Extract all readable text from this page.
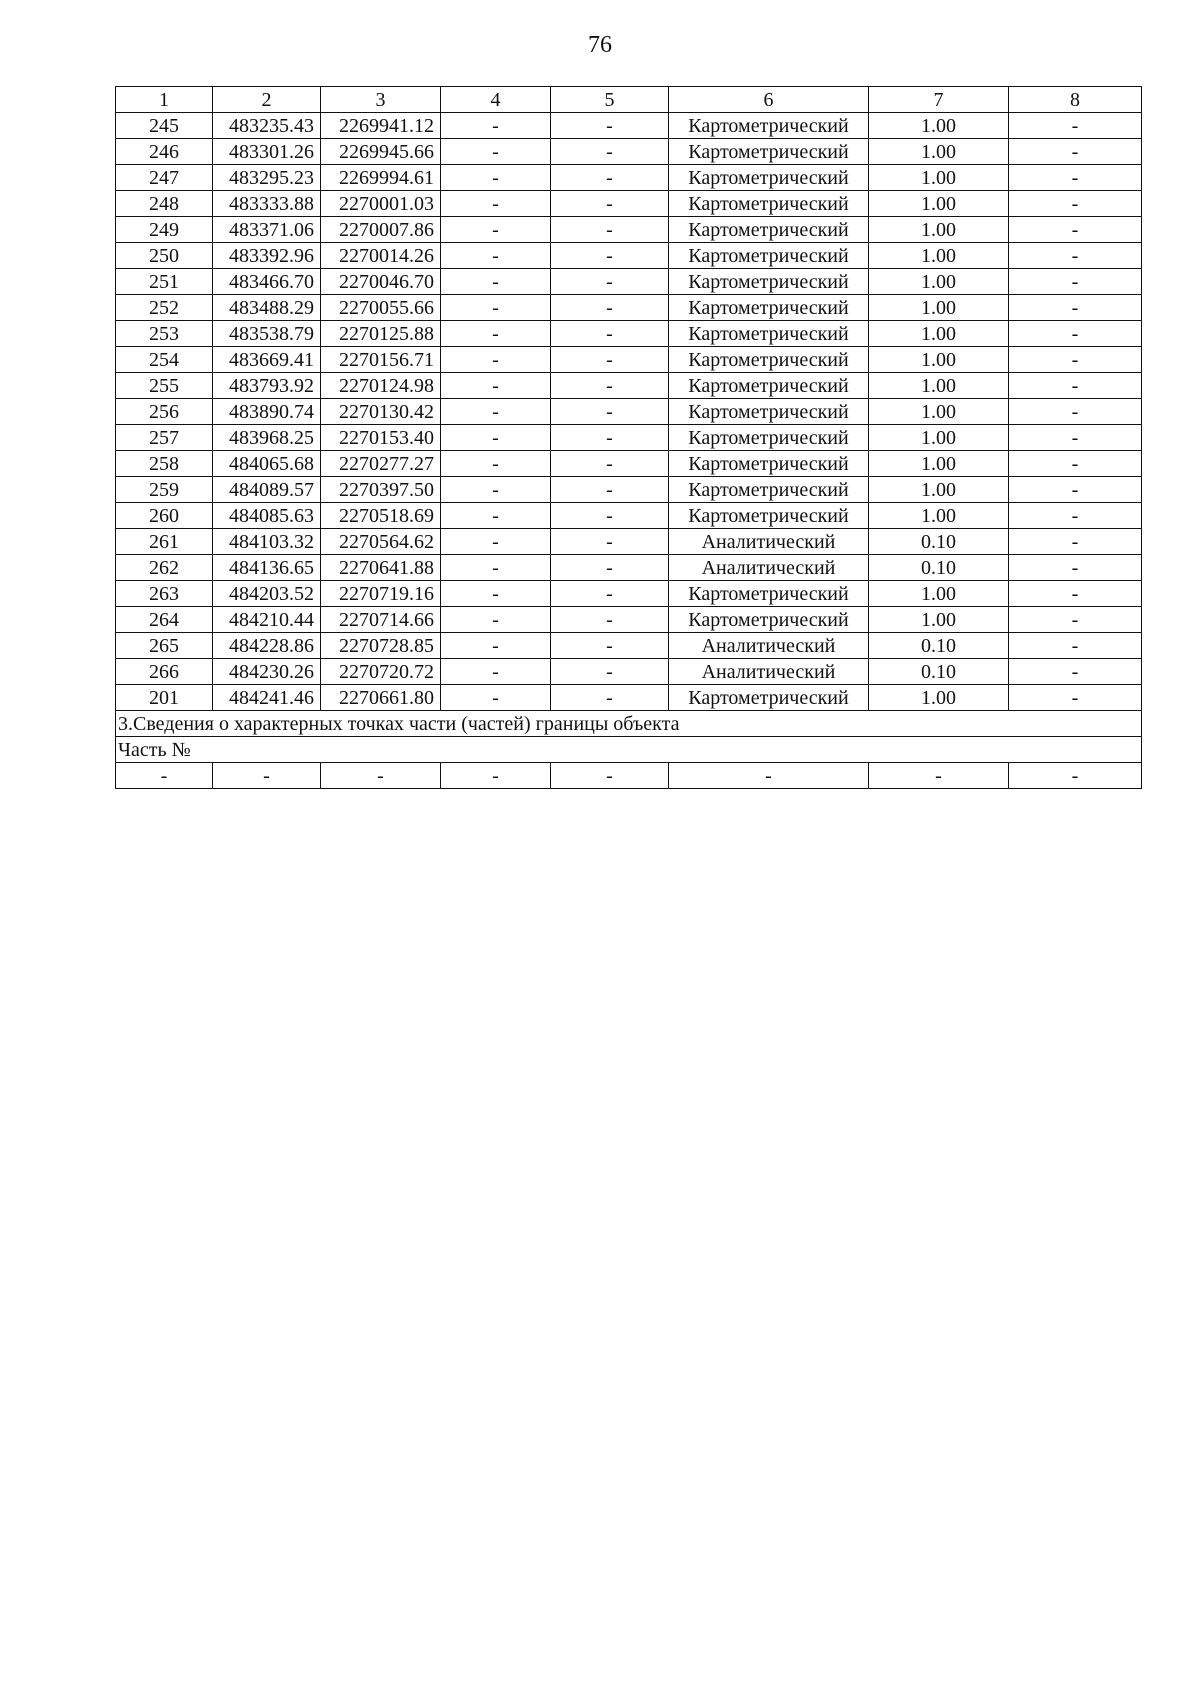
76
1	2	3	4	5	6	7	8
245	483235.43	2269941.12	-	-	Картометрический	1.00	-
246	483301.26	2269945.66	-	-	Картометрический	1.00	-
247	483295.23	2269994.61	-	-	Картометрический	1.00	-
248	483333.88	2270001.03	-	-	Картометрический	1.00	-
249	483371.06	2270007.86	-	-	Картометрический	1.00	-
250	483392.96	2270014.26	-	-	Картометрический	1.00	-
251	483466.70	2270046.70	-	-	Картометрический	1.00	-
252	483488.29	2270055.66	-	-	Картометрический	1.00	-
253	483538.79	2270125.88	-	-	Картометрический	1.00	-
254	483669.41	2270156.71	-	-	Картометрический	1.00	-
255	483793.92	2270124.98	-	-	Картометрический	1.00	-
256	483890.74	2270130.42	-	-	Картометрический	1.00	-
257	483968.25	2270153.40	-	-	Картометрический	1.00	-
258	484065.68	2270277.27	-	-	Картометрический	1.00	-
259	484089.57	2270397.50	-	-	Картометрический	1.00	-
260	484085.63	2270518.69	-	-	Картометрический	1.00	-
261	484103.32	2270564.62	-	-	Аналитический	0.10	-
262	484136.65	2270641.88	-	-	Аналитический	0.10	-
263	484203.52	2270719.16	-	-	Картометрический	1.00	-
264	484210.44	2270714.66	-	-	Картометрический	1.00	-
265	484228.86	2270728.85	-	-	Аналитический	0.10	-
266	484230.26	2270720.72	-	-	Аналитический	0.10	-
201	484241.46	2270661.80	-	-	Картометрический	1.00	-
3.Сведения о характерных точках части (частей) границы объекта							
Часть №							
-	-	-	-	-	-	-	-
